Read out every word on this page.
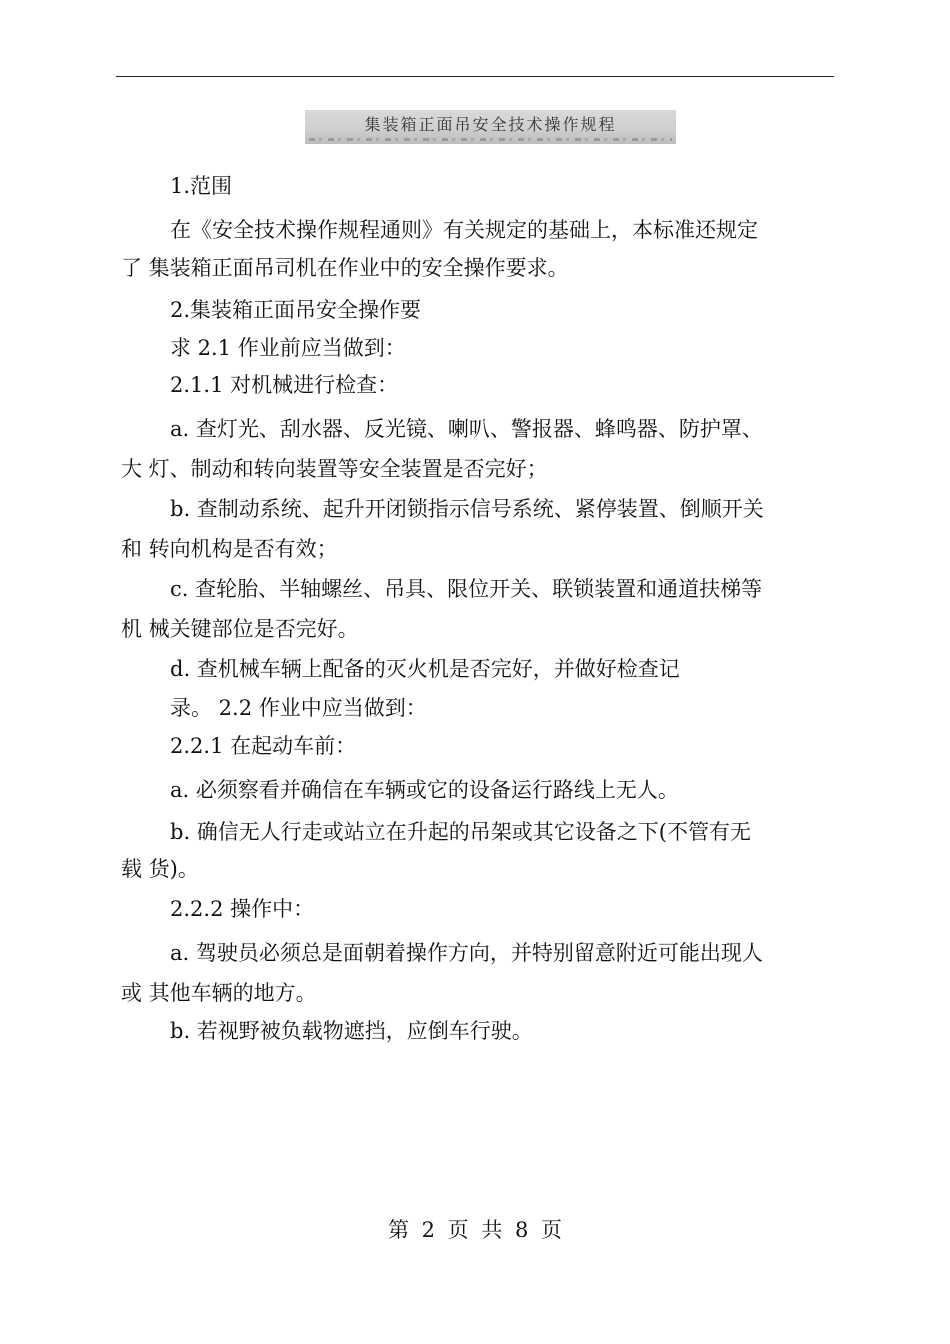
集装箱正面吊安全技术操作规程
1.范围
在《安全技术操作规程通则》有关规定的基础上，本标准还规定
了 集装箱正面吊司机在作业中的安全操作要求。
2.集装箱正面吊安全操作要
求 2.1 作业前应当做到：
2.1.1 对机械进行检查：
a. 查灯光、刮水器、反光镜、喇叭、警报器、蜂鸣器、防护罩、
大 灯、制动和转向装置等安全装置是否完好；
b. 查制动系统、起升开闭锁指示信号系统、紧停装置、倒顺开关
和 转向机构是否有效；
c. 查轮胎、半轴螺丝、吊具、限位开关、联锁装置和通道扶梯等
机 械关键部位是否完好。
d. 查机械车辆上配备的灭火机是否完好，并做好检查记
录。 2.2 作业中应当做到：
2.2.1 在起动车前：
a. 必须察看并确信在车辆或它的设备运行路线上无人。
b. 确信无人行走或站立在升起的吊架或其它设备之下(不管有无
载 货)。
2.2.2 操作中：
a. 驾驶员必须总是面朝着操作方向，并特别留意附近可能出现人
或 其他车辆的地方。
b. 若视野被负载物遮挡，应倒车行驶。
第 2 页 共 8 页
